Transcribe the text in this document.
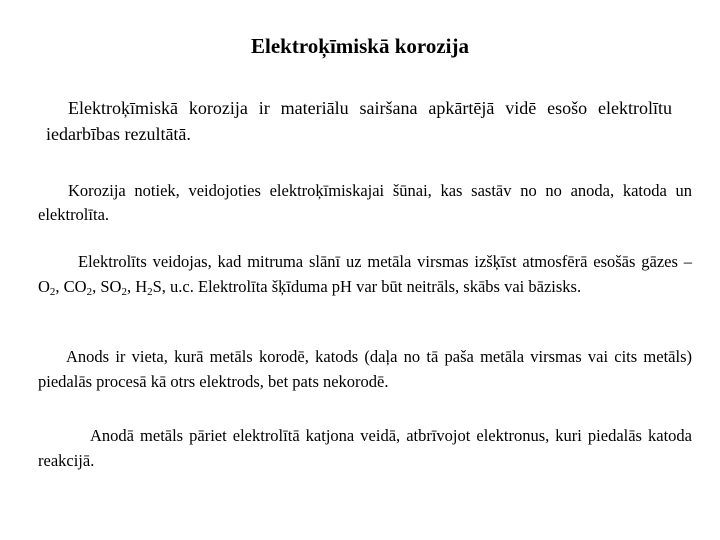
Elektroķīmiskā korozija

Elektroķīmiskā korozija ir materiālu sairšana apkārtējā vidē esošo elektrolītu iedarbības rezultātā.

Korozija notiek, veidojoties elektroķīmiskajai šūnai, kas sastāv no no anoda, katoda un elektrolīta.

Elektrolīts veidojas, kad mitruma slānī uz metāla virsmas izšķīst atmosfērā esošās gāzes – $O_2$, $CO_2$, $SO_2$, $H_2S$, u.c. Elektrolīta šķīduma pH var būt neitrāls, skābs vai bāzisks.

Anods ir vieta, kurā metāls korodē, katods (daļa no tā paša metāla virsmas vai cits metāls) piedalās procesā kā otrs elektrods, bet pats nekorodē.

Anodā metāls pāriet elektrolītā katjona veidā, atbrīvojot elektronus, kuri piedalās katoda reakcijā.
